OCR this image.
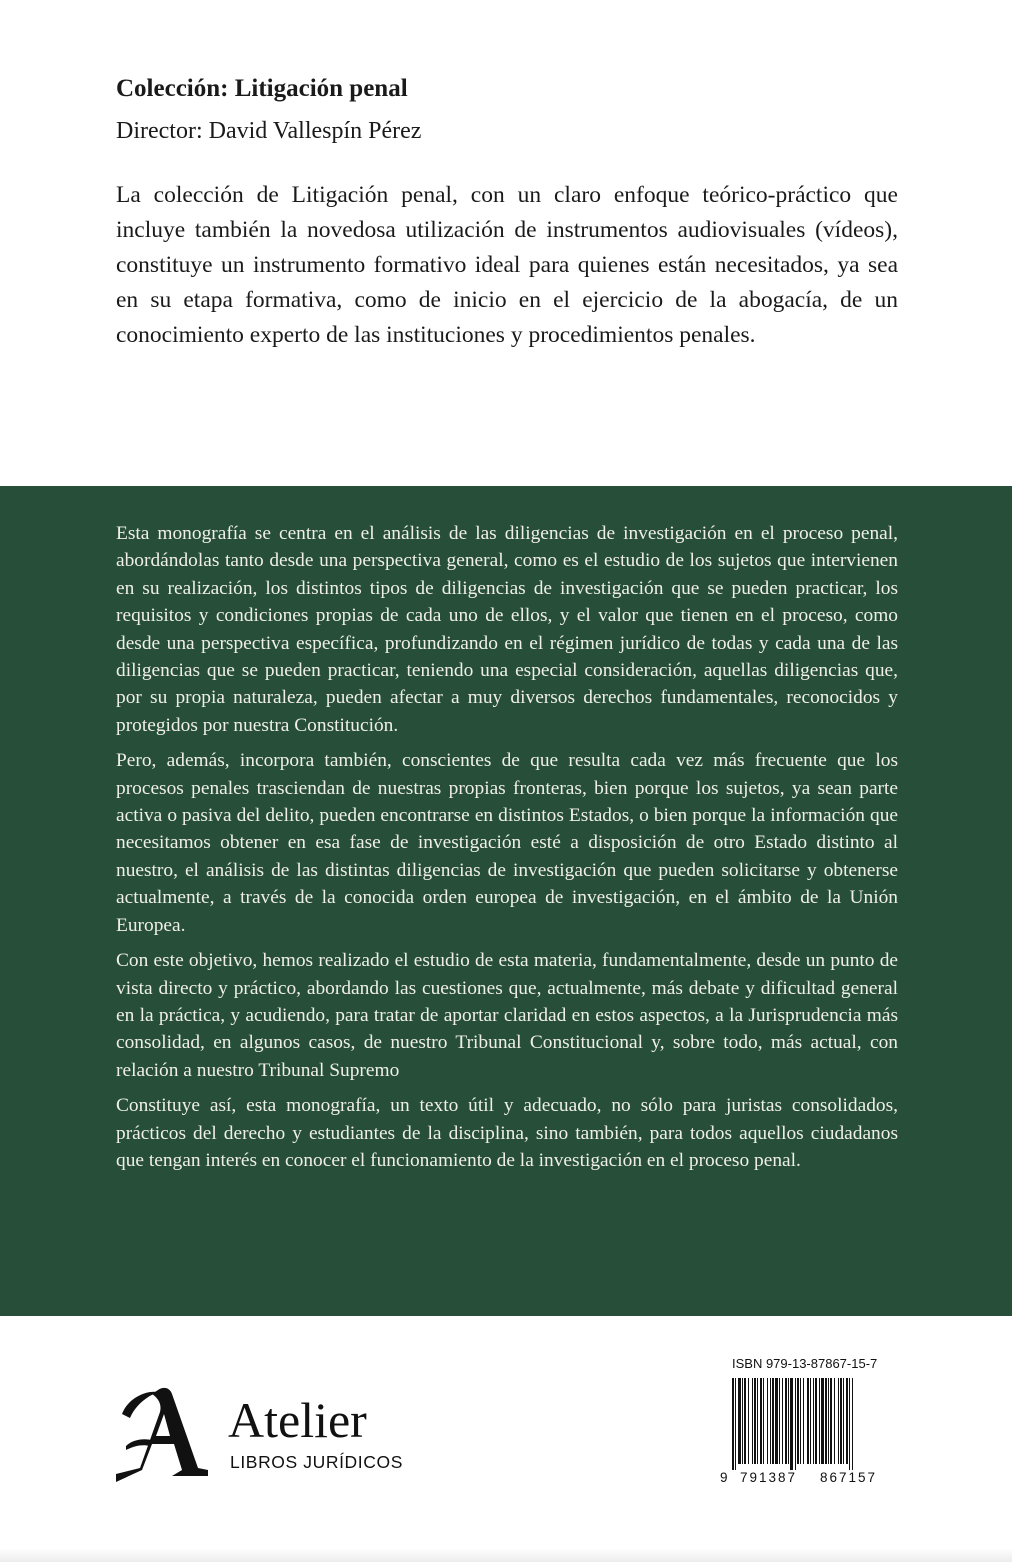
Colección: Litigación penal

Director: David Vallespín Pérez

La colección de Litigación penal, con un claro enfoque teórico-práctico que incluye también la novedosa utilización de instrumentos audiovisuales (vídeos), constituye un instrumento formativo ideal para quienes están necesitados, ya sea en su etapa formativa, como de inicio en el ejercicio de la abogacía, de un conocimiento experto de las instituciones y procedimientos penales.

Esta monografía se centra en el análisis de las diligencias de investigación en el proceso penal, abordándolas tanto desde una perspectiva general, como es el estudio de los sujetos que intervienen en su realización, los distintos tipos de diligencias de investigación que se pueden practicar, los requisitos y condiciones propias de cada uno de ellos, y el valor que tienen en el proceso, como desde una perspectiva específica, profundizando en el régimen jurídico de todas y cada una de las diligencias que se pueden practicar, teniendo una especial consideración, aquellas diligencias que, por su propia naturaleza, pueden afectar a muy diversos derechos fundamentales, reconocidos y protegidos por nuestra Constitución.

Pero, además, incorpora también, conscientes de que resulta cada vez más frecuente que los procesos penales trasciendan de nuestras propias fronteras, bien porque los sujetos, ya sean parte activa o pasiva del delito, pueden encontrarse en distintos Estados, o bien porque la información que necesitamos obtener en esa fase de investigación esté a disposición de otro Estado distinto al nuestro, el análisis de las distintas diligencias de investigación que pueden solicitarse y obtenerse actualmente, a través de la conocida orden europea de investigación, en el ámbito de la Unión Europea.

Con este objetivo, hemos realizado el estudio de esta materia, fundamentalmente, desde un punto de vista directo y práctico, abordando las cuestiones que, actualmente, más debate y dificultad general en la práctica, y acudiendo, para tratar de aportar claridad en estos aspectos, a la Jurisprudencia más consolidad, en algunos casos, de nuestro Tribunal Constitucional y, sobre todo, más actual, con relación a nuestro Tribunal Supremo

Constituye así, esta monografía, un texto útil y adecuado, no sólo para juristas consolidados, prácticos del derecho y estudiantes de la disciplina, sino también, para todos aquellos ciudadanos que tengan interés en conocer el funcionamiento de la investigación en el proceso penal.

Atelier
LIBROS JURÍDICOS
ISBN 979-13-87867-15-7
9 791387 867157
